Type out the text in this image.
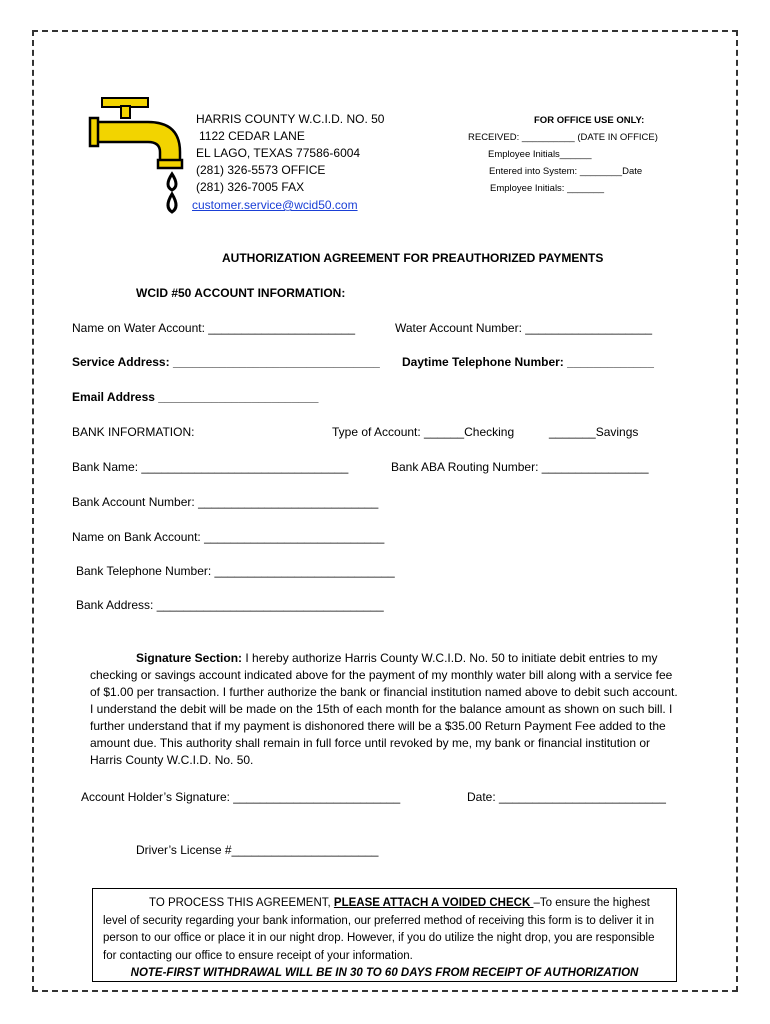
HARRIS COUNTY W.C.I.D. NO. 50
1122 CEDAR LANE
EL LAGO, TEXAS 77586-6004
(281) 326-5573 OFFICE
(281) 326-7005 FAX
customer.service@wcid50.com
FOR OFFICE USE ONLY:
RECEIVED: __________ (DATE IN OFFICE)
Employee Initials______
Entered into System: ________Date
Employee Initials: _______
AUTHORIZATION AGREEMENT FOR PREAUTHORIZED PAYMENTS
WCID #50 ACCOUNT INFORMATION:
Name on Water Account: ______________________	Water Account Number: ___________________
Service Address: _______________________________ Daytime Telephone Number: _____________
Email Address ________________________
BANK INFORMATION:	Type of Account: ______Checking	_______Savings
Bank Name: _______________________________	Bank ABA Routing Number: ________________
Bank Account Number: ___________________________
Name on Bank Account: ___________________________
Bank Telephone Number: ___________________________
Bank Address: __________________________________
Signature Section: I hereby authorize Harris County W.C.I.D. No. 50 to initiate debit entries to my checking or savings account indicated above for the payment of my monthly water bill along with a service fee of $1.00 per transaction. I further authorize the bank or financial institution named above to debit such account. I understand the debit will be made on the 15th of each month for the balance amount as shown on such bill. I further understand that if my payment is dishonored there will be a $35.00 Return Payment Fee added to the amount due. This authority shall remain in full force until revoked by me, my bank or financial institution or Harris County W.C.I.D. No. 50.
Account Holder’s Signature: _________________________	Date: _________________________
Driver’s License #______________________
TO PROCESS THIS AGREEMENT, PLEASE ATTACH A VOIDED CHECK –To ensure the highest level of security regarding your bank information, our preferred method of receiving this form is to deliver it in person to our office or place it in our night drop. However, if you do utilize the night drop, you are responsible for contacting our office to ensure receipt of your information.
NOTE-FIRST WITHDRAWAL WILL BE IN 30 TO 60 DAYS FROM RECEIPT OF AUTHORIZATION
